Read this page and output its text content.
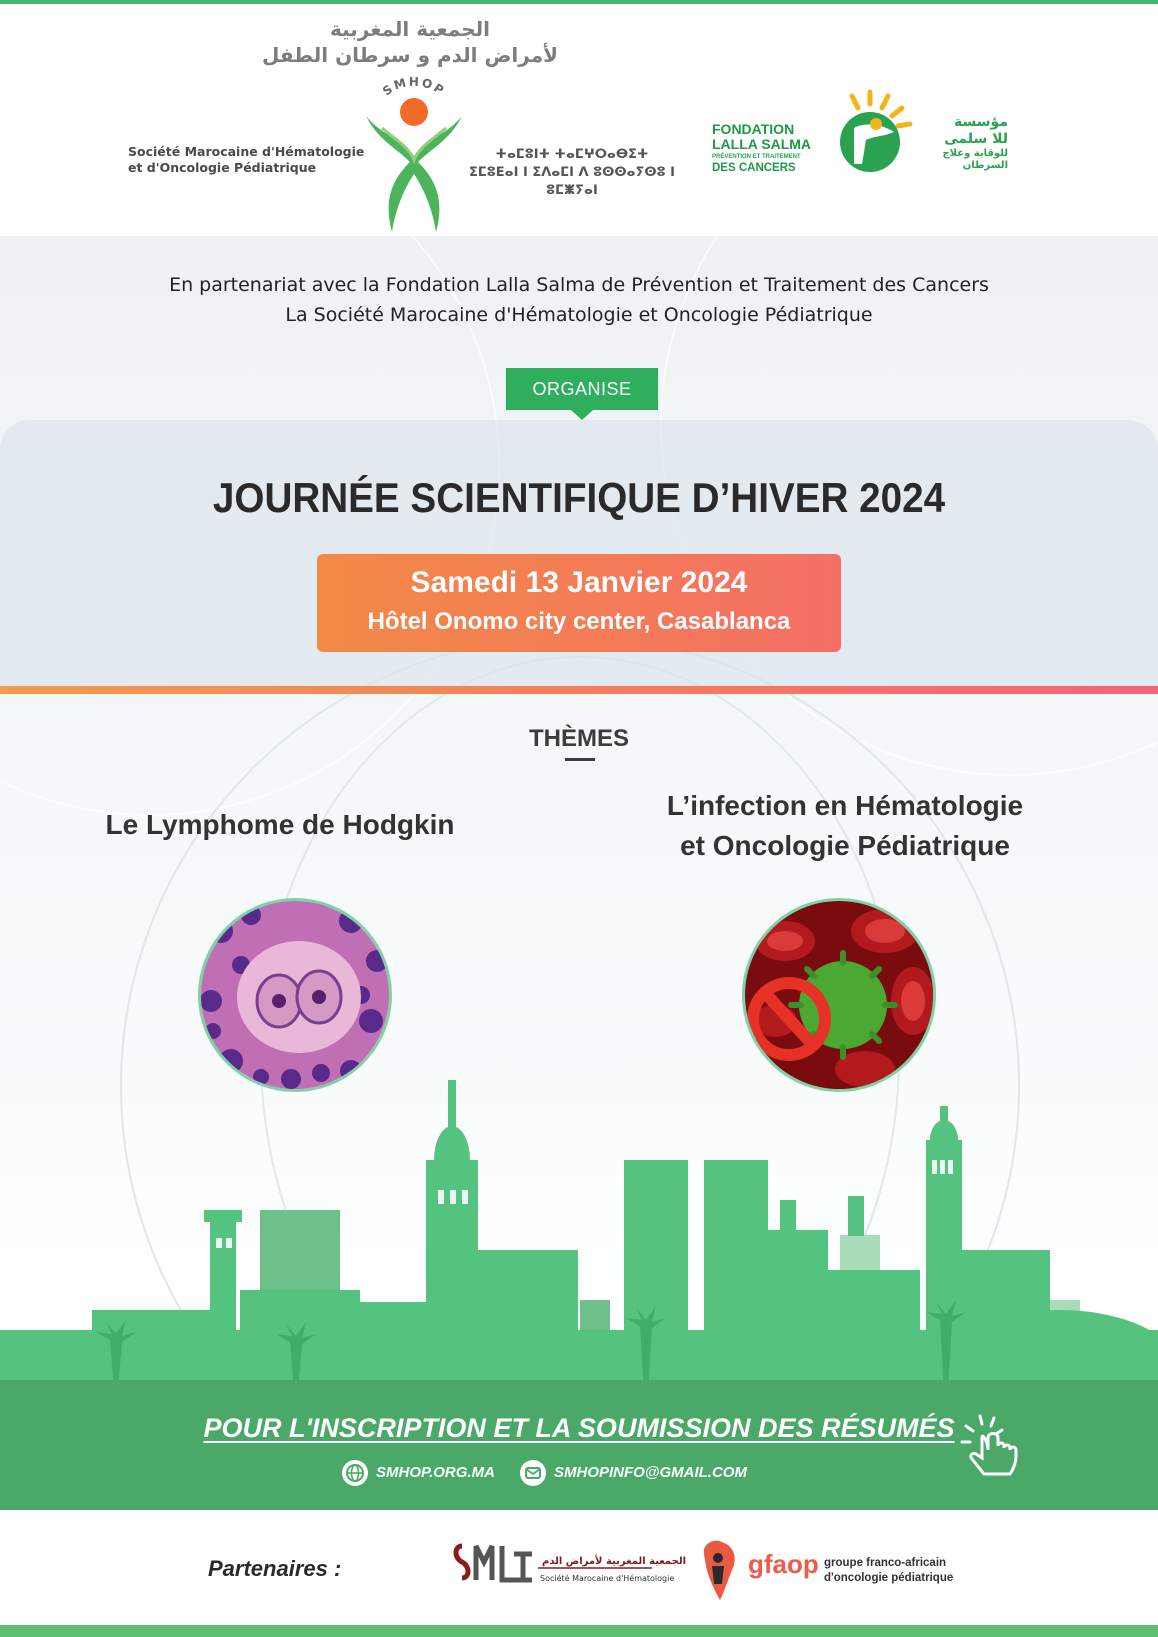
الجمعية المغربية
لأمراض الدم و سرطان الطفل
Société Marocaine d'Hématologie
et d'Oncologie Pédiatrique
SMHOP
ⵜⴰⵎⵓⵏⵜ ⵜⴰⵎⵖⵔⴰⴱⵉⵜ
ⵉⵎⵓⴹⴰⵏ ⵏ ⵉⴷⴰⵎⵏ ⴷ ⵓⵙⵙⴰⵢⵙⵓ ⵏ ⵓⵎⵥⵢⴰⵏ
FONDATION
LALLA SALMA
PRÉVENTION ET TRAITEMENT
DES CANCERS
مؤسسة
للا سلمى
للوقاية وعلاج
السرطان
En partenariat avec la Fondation Lalla Salma de Prévention et Traitement des Cancers
La Société Marocaine d'Hématologie et Oncologie Pédiatrique
ORGANISE
JOURNÉE SCIENTIFIQUE D’HIVER 2024
Samedi 13 Janvier 2024
Hôtel Onomo city center, Casablanca
THÈMES
Le Lymphome de Hodgkin
L’infection en Hématologie
et Oncologie Pédiatrique
POUR L'INSCRIPTION ET LA SOUMISSION DES RÉSUMÉS
SMHOP.ORG.MA	SMHOPINFO@GMAIL.COM
Partenaires :	الجمعية المغربية لأمراض الدم
Société Marocaine d'Hématologie	gfaop groupe franco-africain
d'oncologie pédiatrique
